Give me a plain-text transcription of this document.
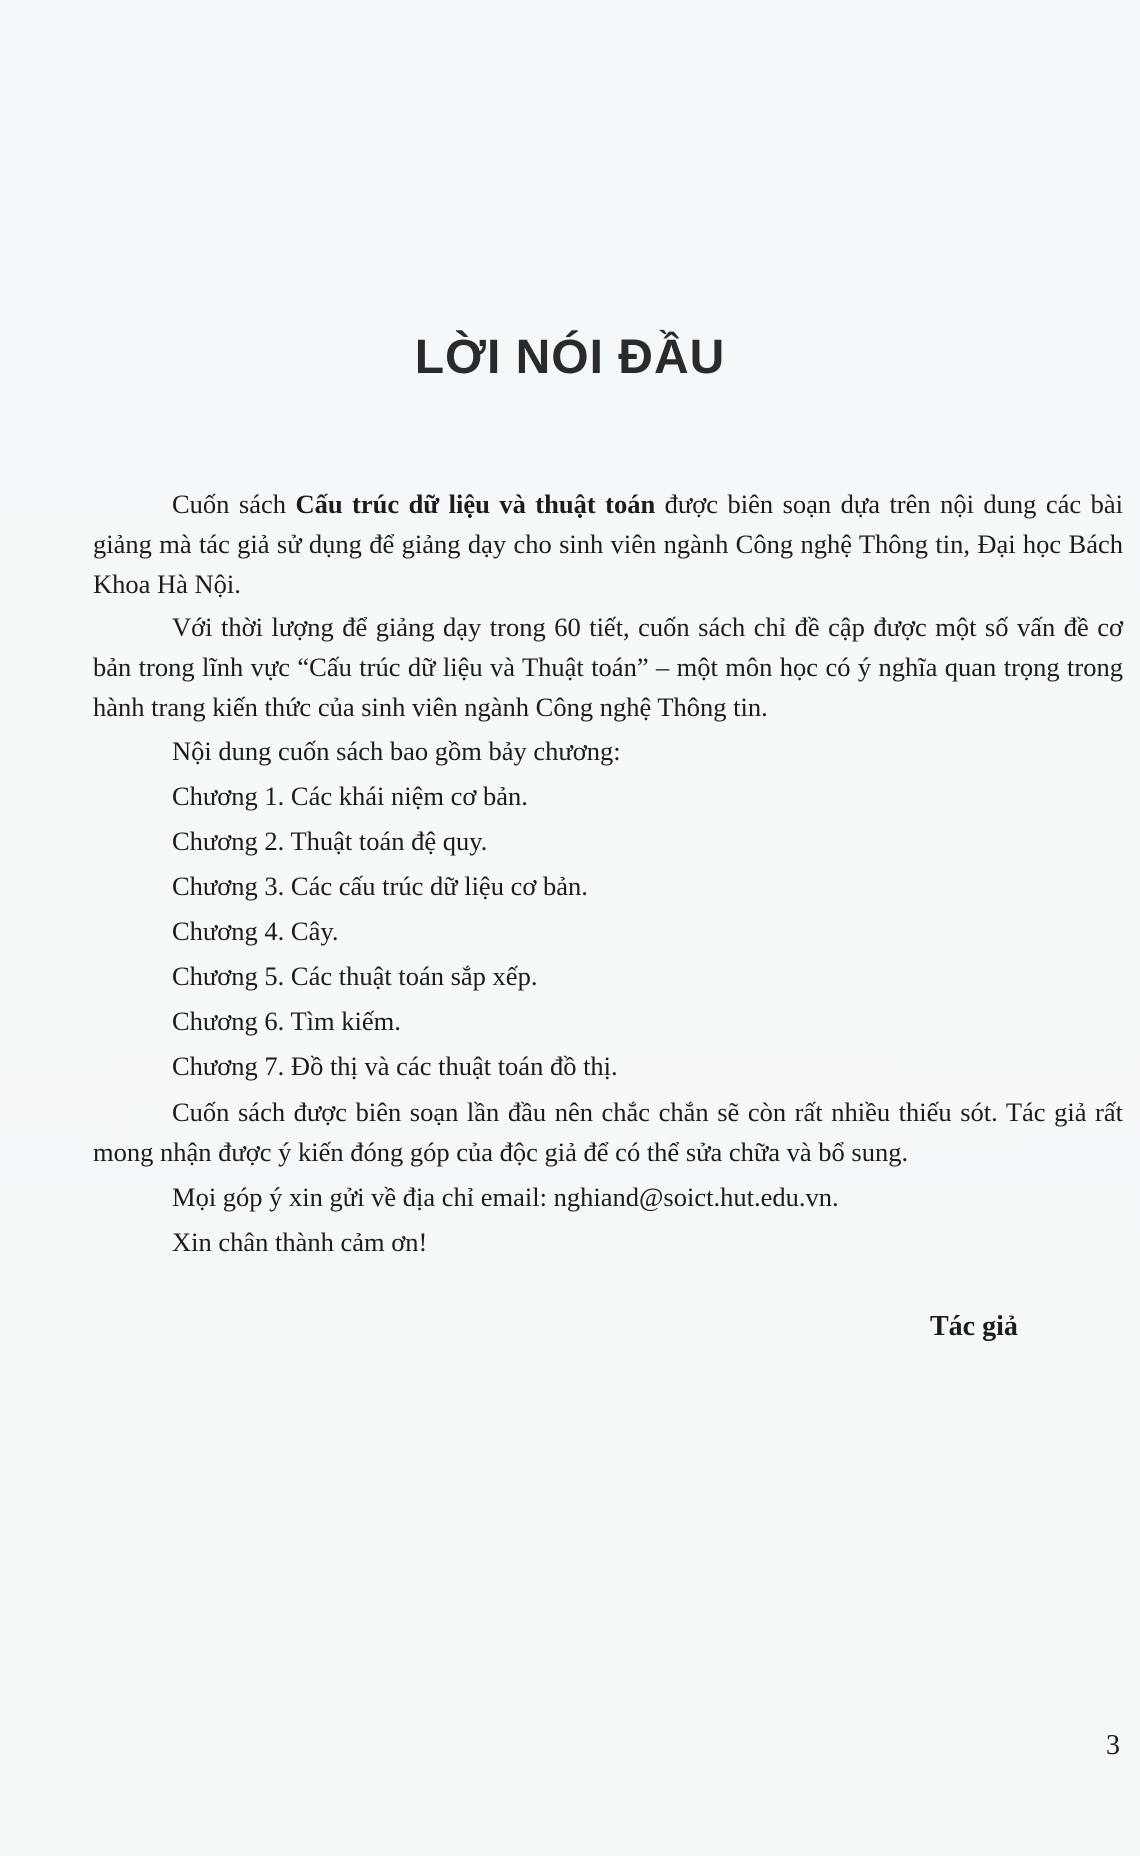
LỜI NÓI ĐẦU

Cuốn sách Cấu trúc dữ liệu và thuật toán được biên soạn dựa trên nội dung các bài giảng mà tác giả sử dụng để giảng dạy cho sinh viên ngành Công nghệ Thông tin, Đại học Bách Khoa Hà Nội.

Với thời lượng để giảng dạy trong 60 tiết, cuốn sách chỉ đề cập được một số vấn đề cơ bản trong lĩnh vực “Cấu trúc dữ liệu và Thuật toán” – một môn học có ý nghĩa quan trọng trong hành trang kiến thức của sinh viên ngành Công nghệ Thông tin.

Nội dung cuốn sách bao gồm bảy chương:

Chương 1. Các khái niệm cơ bản.

Chương 2. Thuật toán đệ quy.

Chương 3. Các cấu trúc dữ liệu cơ bản.

Chương 4. Cây.

Chương 5. Các thuật toán sắp xếp.

Chương 6. Tìm kiếm.

Chương 7. Đồ thị và các thuật toán đồ thị.

Cuốn sách được biên soạn lần đầu nên chắc chắn sẽ còn rất nhiều thiếu sót. Tác giả rất mong nhận được ý kiến đóng góp của độc giả để có thể sửa chữa và bổ sung.

Mọi góp ý xin gửi về địa chỉ email: nghiand@soict.hut.edu.vn.

Xin chân thành cảm ơn!

Tác giả
3
